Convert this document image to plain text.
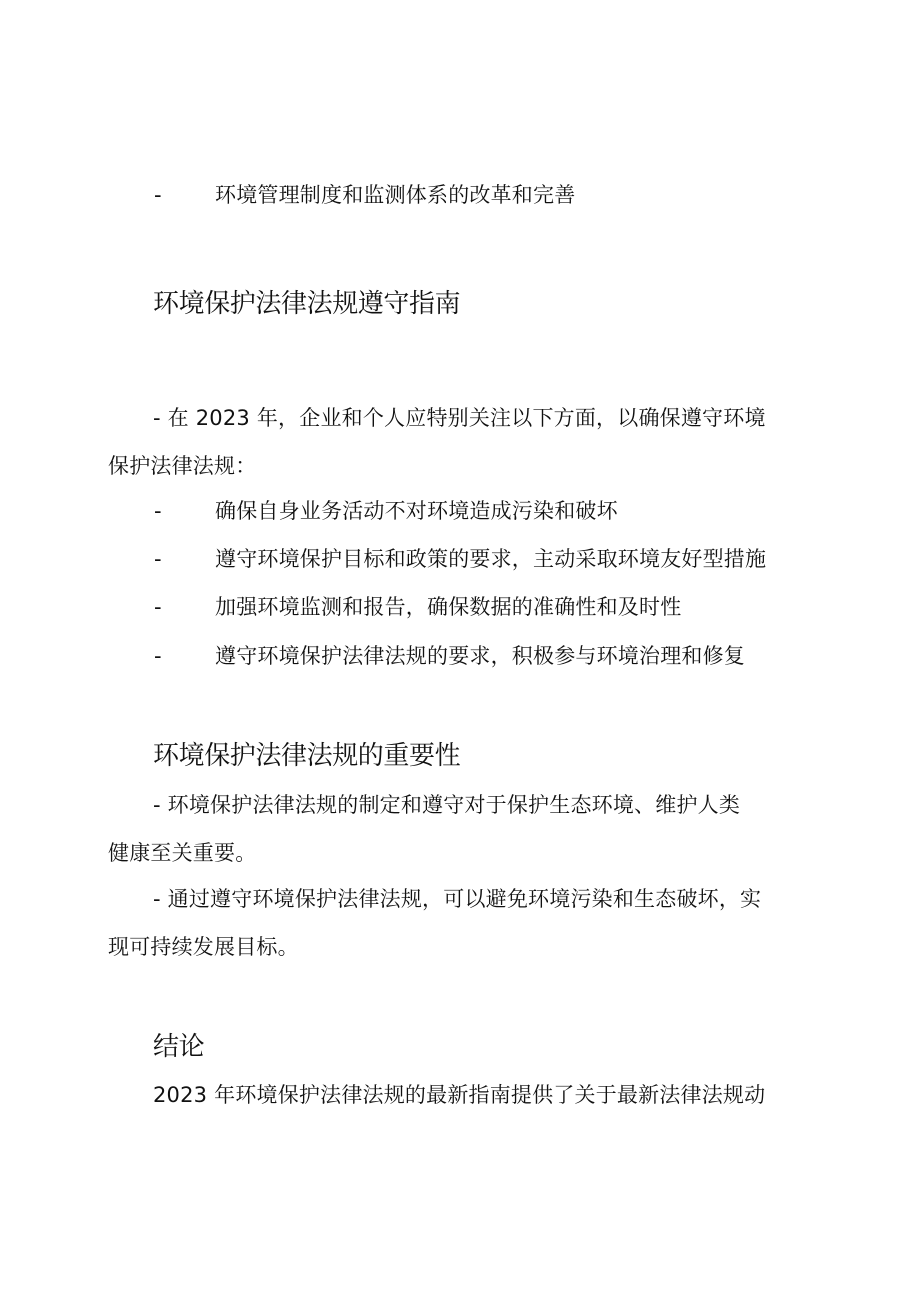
-	环境管理制度和监测体系的改革和完善
环境保护法律法规遵守指南
- 在 2023 年，企业和个人应特别关注以下方面，以确保遵守环境
保护法律法规：
-	确保自身业务活动不对环境造成污染和破坏
-	遵守环境保护目标和政策的要求，主动采取环境友好型措施
-	加强环境监测和报告，确保数据的准确性和及时性
-	遵守环境保护法律法规的要求，积极参与环境治理和修复
环境保护法律法规的重要性
- 环境保护法律法规的制定和遵守对于保护生态环境、维护人类
健康至关重要。
- 通过遵守环境保护法律法规，可以避免环境污染和生态破坏，实
现可持续发展目标。
结论
2023 年环境保护法律法规的最新指南提供了关于最新法律法规动
